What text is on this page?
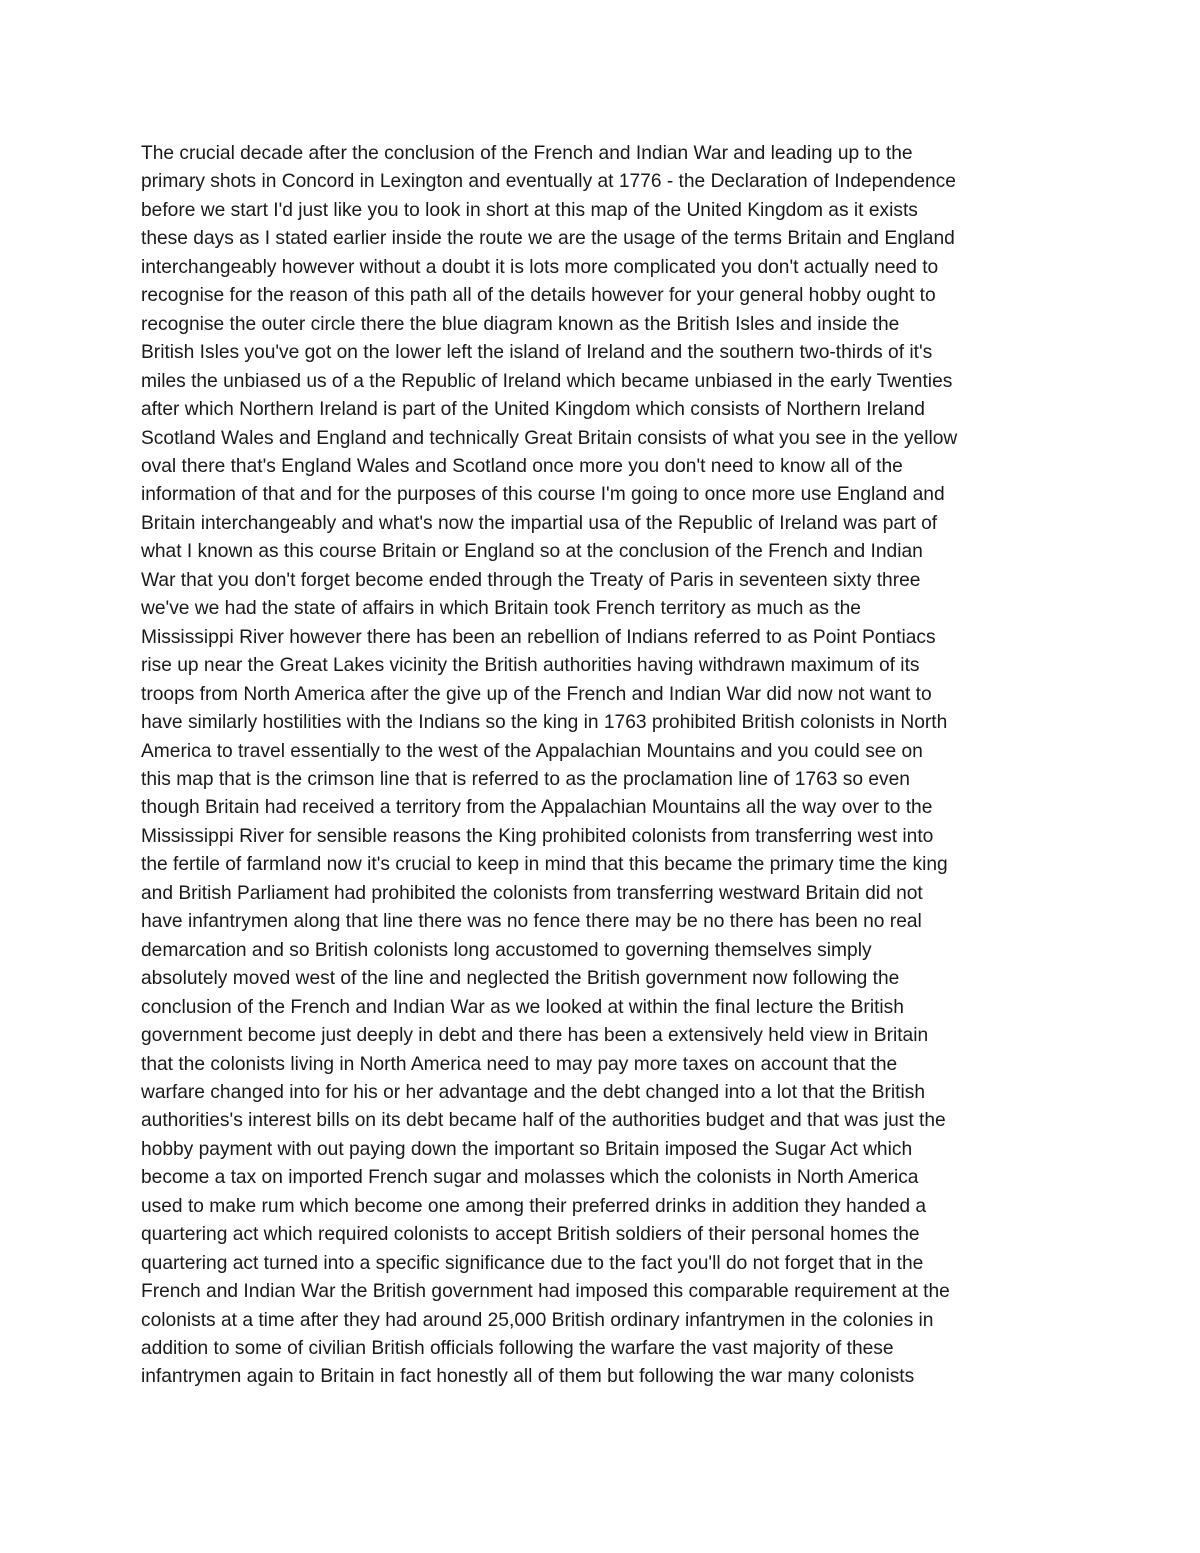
The crucial decade after the conclusion of the French and Indian War and leading up to the
primary shots in Concord in Lexington and eventually at 1776 - the Declaration of Independence
before we start I'd just like you to look in short at this map of the United Kingdom as it exists
these days as I stated earlier inside the route we are the usage of the terms Britain and England
interchangeably however without a doubt it is lots more complicated you don't actually need to
recognise for the reason of this path all of the details however for your general hobby ought to
recognise the outer circle there the blue diagram known as the British Isles and inside the
British Isles you've got on the lower left the island of Ireland and the southern two-thirds of it's
miles the unbiased us of a the Republic of Ireland which became unbiased in the early Twenties
after which Northern Ireland is part of the United Kingdom which consists of Northern Ireland
Scotland Wales and England and technically Great Britain consists of what you see in the yellow
oval there that's England Wales and Scotland once more you don't need to know all of the
information of that and for the purposes of this course I'm going to once more use England and
Britain interchangeably and what's now the impartial usa of the Republic of Ireland was part of
what I known as this course Britain or England so at the conclusion of the French and Indian
War that you don't forget become ended through the Treaty of Paris in seventeen sixty three
we've we had the state of affairs in which Britain took French territory as much as the
Mississippi River however there has been an rebellion of Indians referred to as Point Pontiacs
rise up near the Great Lakes vicinity the British authorities having withdrawn maximum of its
troops from North America after the give up of the French and Indian War did now not want to
have similarly hostilities with the Indians so the king in 1763 prohibited British colonists in North
America to travel essentially to the west of the Appalachian Mountains and you could see on
this map that is the crimson line that is referred to as the proclamation line of 1763 so even
though Britain had received a territory from the Appalachian Mountains all the way over to the
Mississippi River for sensible reasons the King prohibited colonists from transferring west into
the fertile of farmland now it's crucial to keep in mind that this became the primary time the king
and British Parliament had prohibited the colonists from transferring westward Britain did not
have infantrymen along that line there was no fence there may be no there has been no real
demarcation and so British colonists long accustomed to governing themselves simply
absolutely moved west of the line and neglected the British government now following the
conclusion of the French and Indian War as we looked at within the final lecture the British
government become just deeply in debt and there has been a extensively held view in Britain
that the colonists living in North America need to may pay more taxes on account that the
warfare changed into for his or her advantage and the debt changed into a lot that the British
authorities's interest bills on its debt became half of the authorities budget and that was just the
hobby payment with out paying down the important so Britain imposed the Sugar Act which
become a tax on imported French sugar and molasses which the colonists in North America
used to make rum which become one among their preferred drinks in addition they handed a
quartering act which required colonists to accept British soldiers of their personal homes the
quartering act turned into a specific significance due to the fact you'll do not forget that in the
French and Indian War the British government had imposed this comparable requirement at the
colonists at a time after they had around 25,000 British ordinary infantrymen in the colonies in
addition to some of civilian British officials following the warfare the vast majority of these
infantrymen again to Britain in fact honestly all of them but following the war many colonists
